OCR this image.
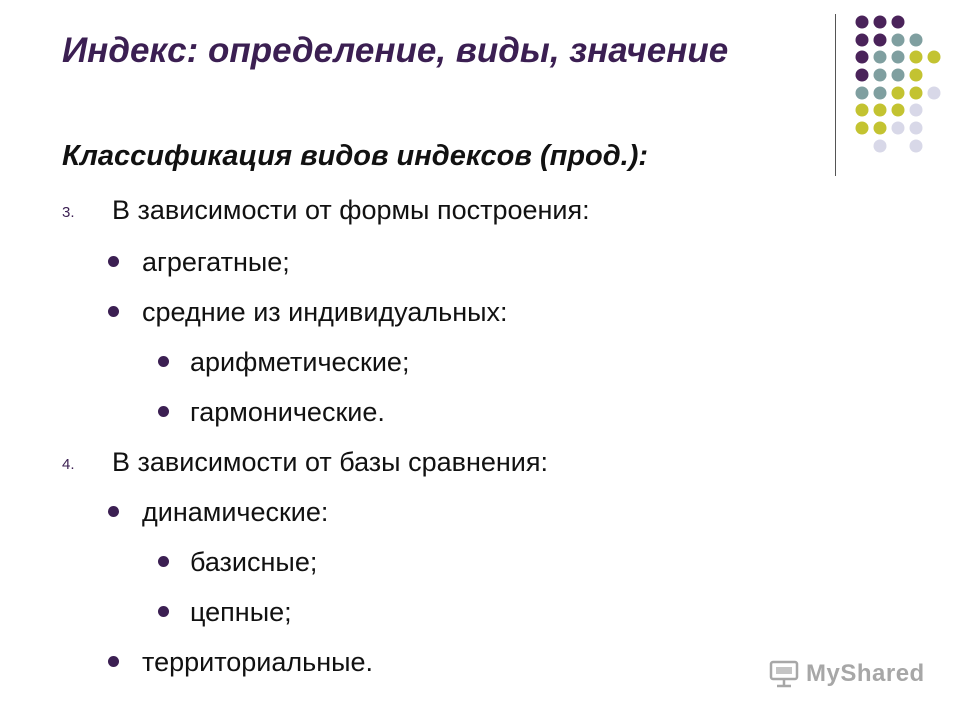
Индекс: определение, виды, значение
Классификация видов индексов (прод.):
3. В зависимости от формы построения:
агрегатные;
средние из индивидуальных:
арифметические;
гармонические.
4. В зависимости от базы сравнения:
динамические:
базисные;
цепные;
территориальные.	MyShared
